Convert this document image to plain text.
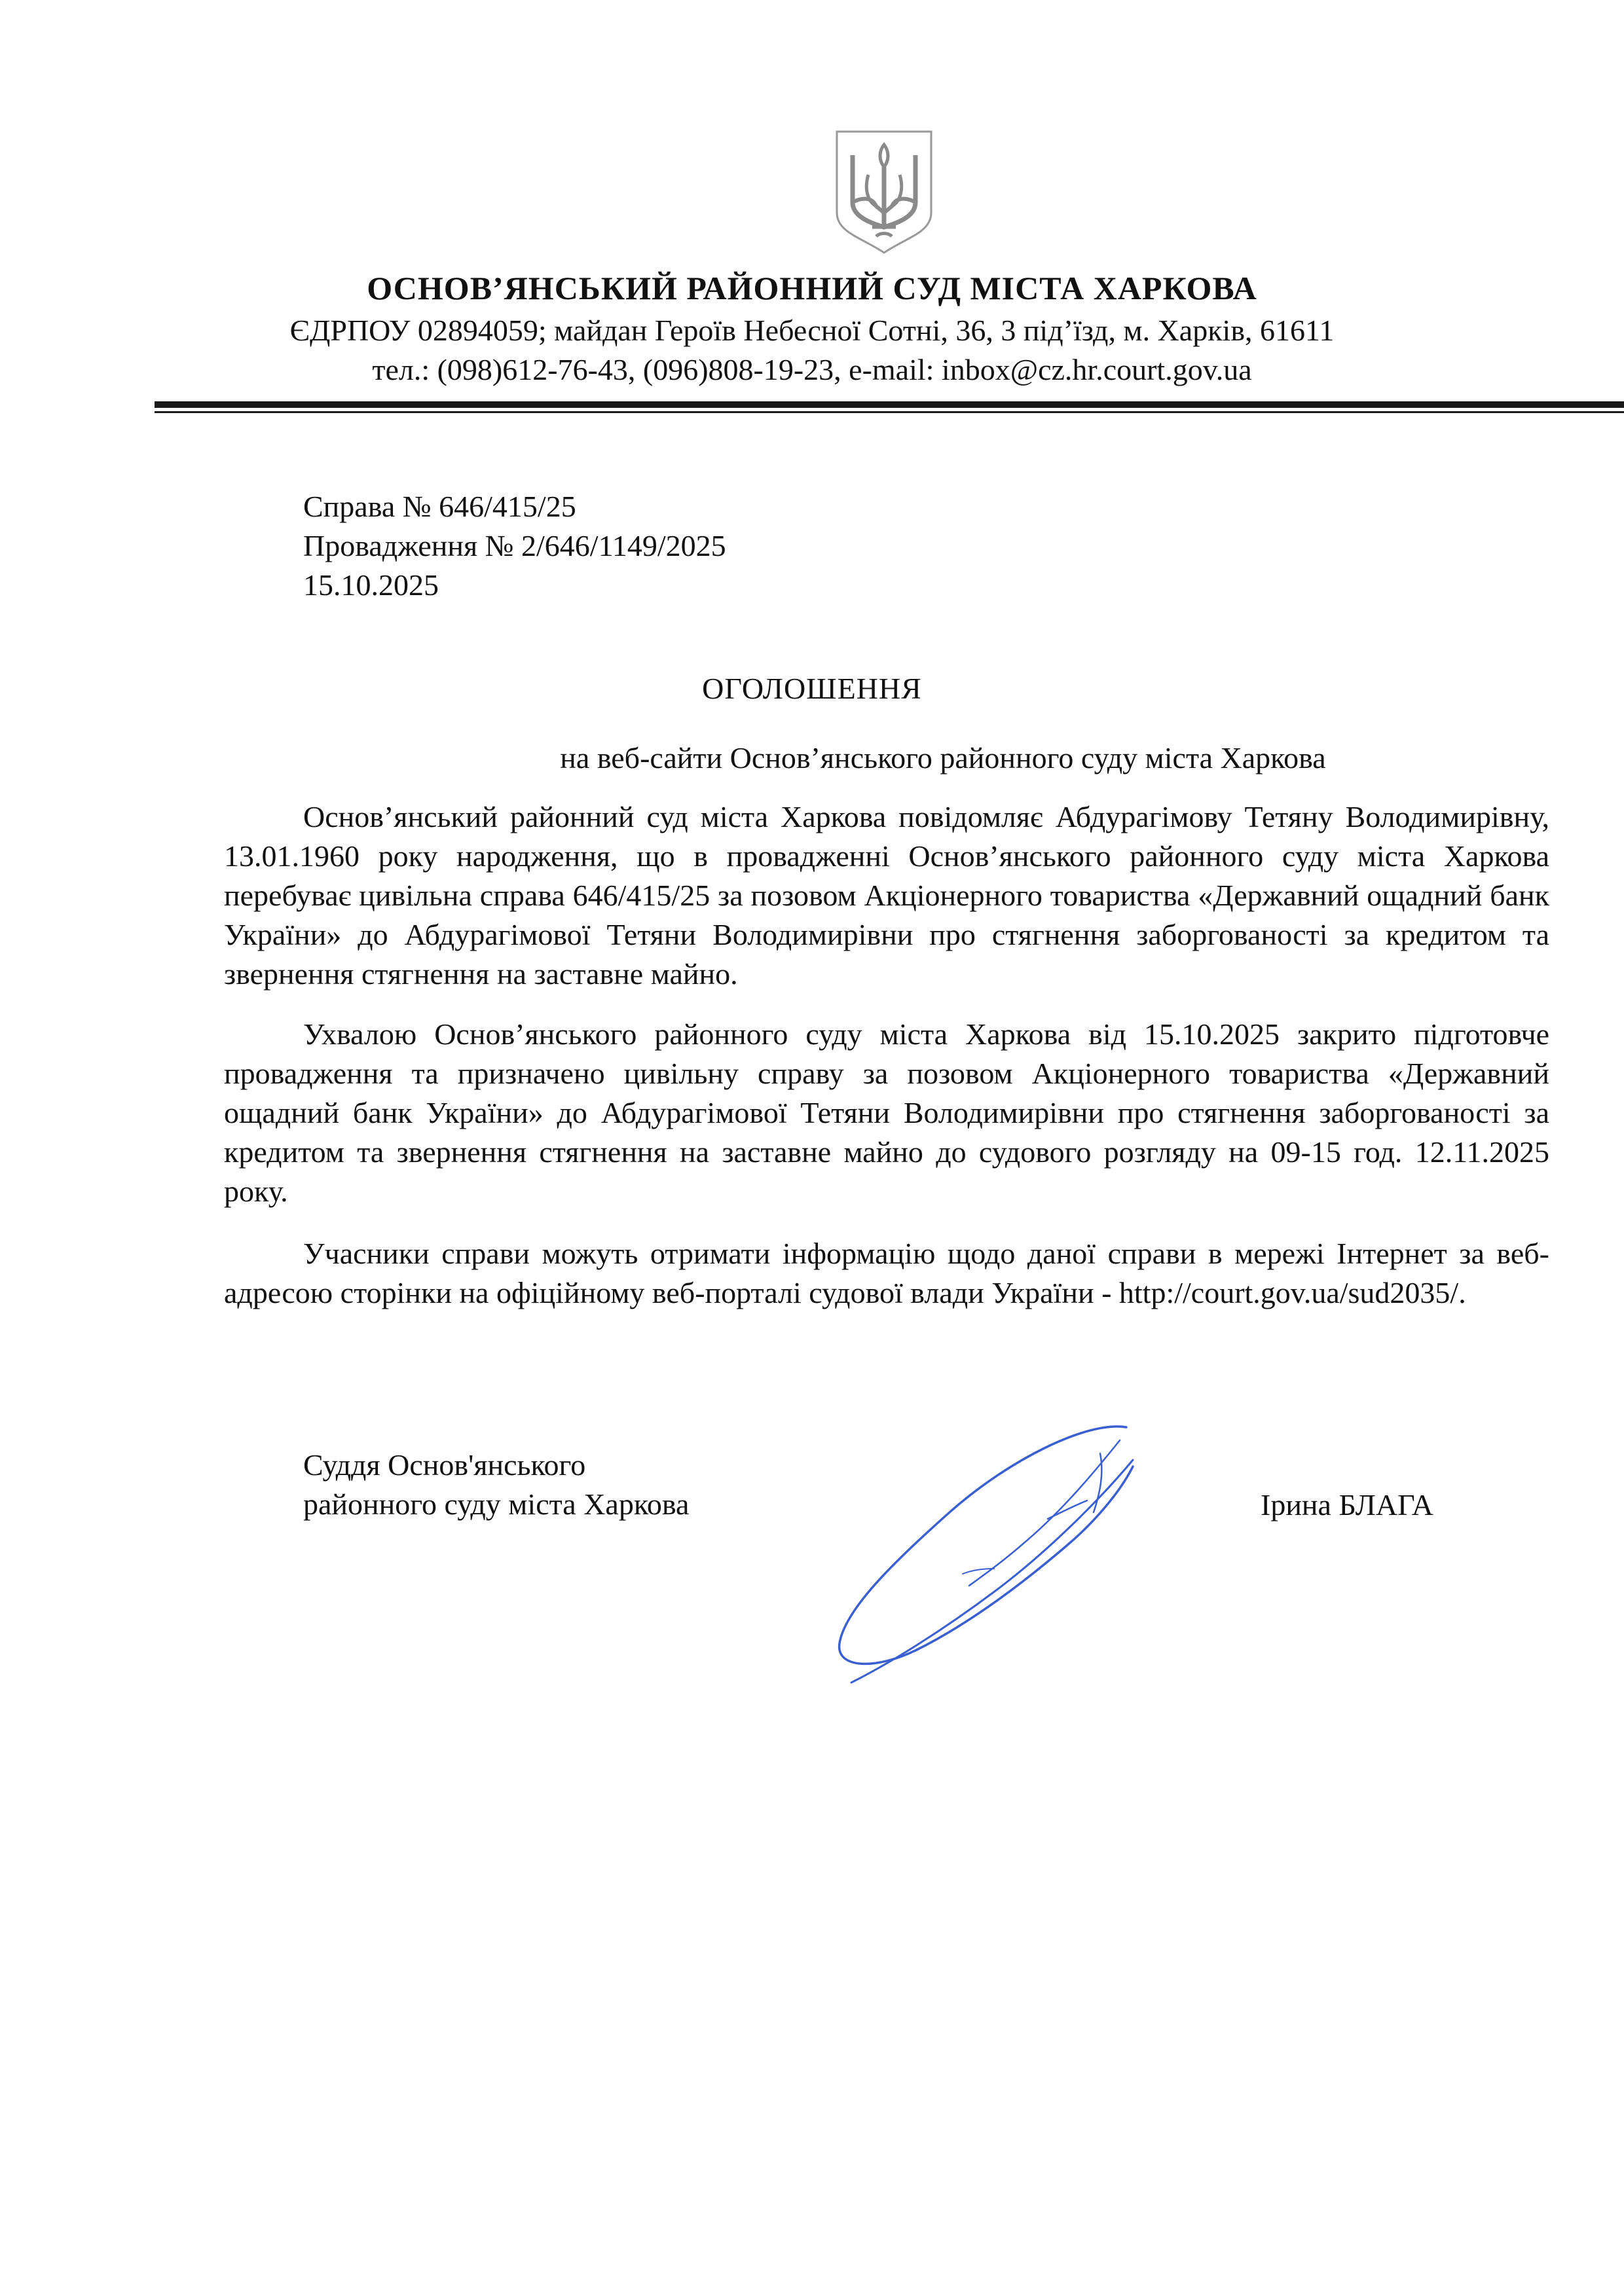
ОСНОВ’ЯНСЬКИЙ РАЙОННИЙ СУД МІСТА ХАРКОВА
ЄДРПОУ 02894059; майдан Героїв Небесної Сотні, 36, 3 під’їзд, м. Харків, 61611
тел.: (098)612-76-43, (096)808-19-23, e-mail: inbox@cz.hr.court.gov.ua
Справа № 646/415/25
Провадження № 2/646/1149/2025
15.10.2025
ОГОЛОШЕННЯ
на веб-сайти Основ’янського районного суду міста Харкова

Основ’янський районний суд міста Харкова повідомляє Абдурагімову Тетяну Володимирівну, 13.01.1960 року народження, що в провадженні Основ’янського районного суду міста Харкова перебуває цивільна справа 646/415/25 за позовом Акціонерного товариства «Державний ощадний банк України» до Абдурагімової Тетяни Володимирівни про стягнення заборгованості за кредитом та звернення стягнення на заставне майно.

Ухвалою Основ’янського районного суду міста Харкова від 15.10.2025 закрито підготовче провадження та призначено цивільну справу за позовом Акціонерного товариства «Державний ощадний банк України» до Абдурагімової Тетяни Володимирівни про стягнення заборгованості за кредитом та звернення стягнення на заставне майно до судового розгляду на 09-15 год. 12.11.2025 року.

Учасники справи можуть отримати інформацію щодо даної справи в мережі Інтернет за веб-адресою сторінки на офіційному веб-порталі судової влади України - http://court.gov.ua/sud2035/.

Суддя Основ'янського
районного суду міста Харкова	Ірина БЛАГА
